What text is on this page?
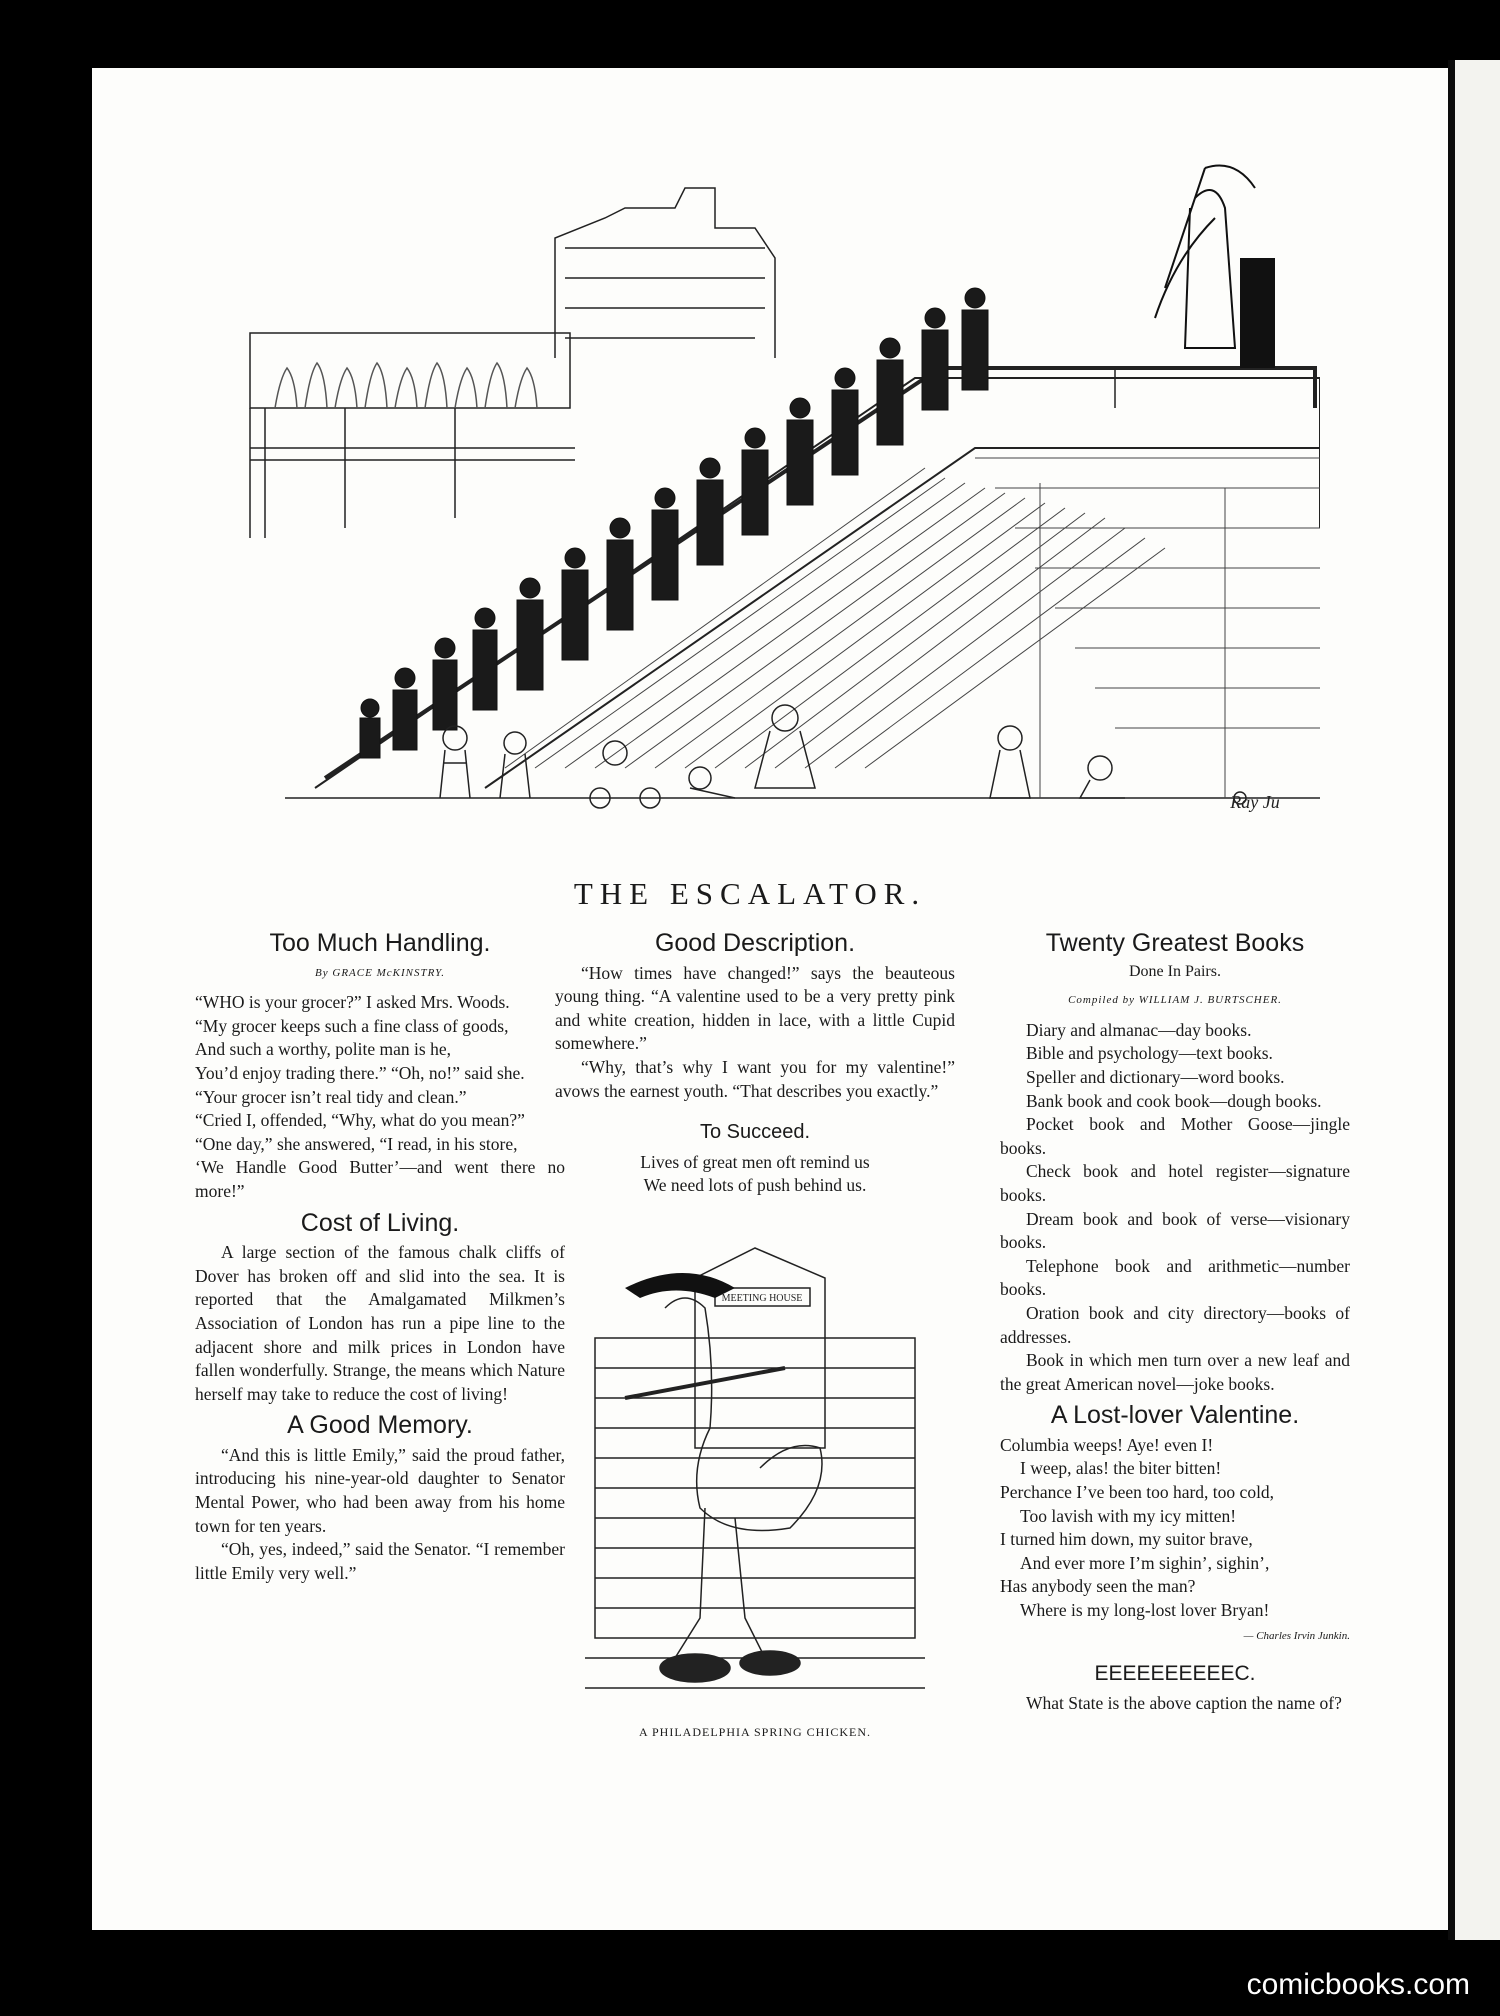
Ray Ju
THE ESCALATOR.
Too Much Handling.
By GRACE McKINSTRY.

“WHO is your grocer?” I asked Mrs. Woods.

“My grocer keeps such a fine class of goods,

And such a worthy, polite man is he,

You’d enjoy trading there.” “Oh, no!” said she.

“Your grocer isn’t real tidy and clean.”

“Cried I, offended, “Why, what do you mean?”

“One day,” she answered, “I read, in his store,

‘We Handle Good Butter’—and went there no more!”

Cost of Living.

A large section of the famous chalk cliffs of Dover has broken off and slid into the sea. It is reported that the Amalgamated Milkmen’s Association of London has run a pipe line to the adjacent shore and milk prices in London have fallen wonderfully. Strange, the means which Nature herself may take to reduce the cost of living!

A Good Memory.

“And this is little Emily,” said the proud father, introducing his nine-year-old daughter to Senator Mental Power, who had been away from his home town for ten years.

“Oh, yes, indeed,” said the Senator. “I remember little Emily very well.”

Good Description.

“How times have changed!” says the beauteous young thing. “A valentine used to be a very pretty pink and white creation, hidden in lace, with a little Cupid somewhere.”

“Why, that’s why I want you for my valentine!” avows the earnest youth. “That describes you exactly.”

To Succeed.
Lives of great men oft remind us
We need lots of push behind us.
MEETING HOUSE
A PHILADELPHIA SPRING CHICKEN.
Twenty Greatest Books
Done In Pairs.
Compiled by WILLIAM J. BURTSCHER.

Diary and almanac—day books.

Bible and psychology—text books.

Speller and dictionary—word books.

Bank book and cook book—dough books.

Pocket book and Mother Goose—jingle books.

Check book and hotel register—signature books.

Dream book and book of verse—visionary books.

Telephone book and arithmetic—number books.

Oration book and city directory—books of addresses.

Book in which men turn over a new leaf and the great American novel—joke books.

A Lost-lover Valentine.

Columbia weeps! Aye! even I!

I weep, alas! the biter bitten!

Perchance I’ve been too hard, too cold,

Too lavish with my icy mitten!

I turned him down, my suitor brave,

And ever more I’m sighin’, sighin’,

Has anybody seen the man?

Where is my long-lost lover Bryan!

— Charles Irvin Junkin.
EEEEEEEEEEC.

What State is the above caption the name of?

comicbooks.com
